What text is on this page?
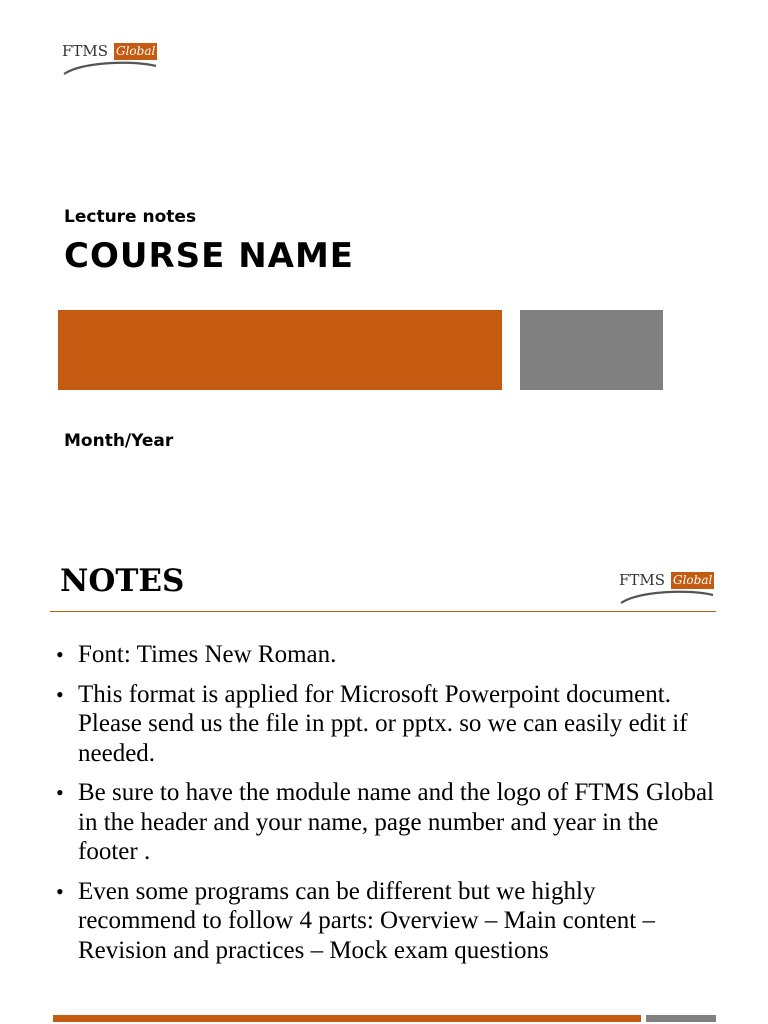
FTMS Global
Lecture notes
COURSE NAME
Month/Year
FTMS Global
NOTES
• Font: Times New Roman.
• This format is applied for Microsoft Powerpoint document. Please send us the file in ppt. or pptx. so we can easily edit if needed.
• Be sure to have the module name and the logo of FTMS Global in the header and your name, page number and year in the footer .
• Even some programs can be different but we highly recommend to follow 4 parts: Overview – Main content – Revision and practices – Mock exam questions
